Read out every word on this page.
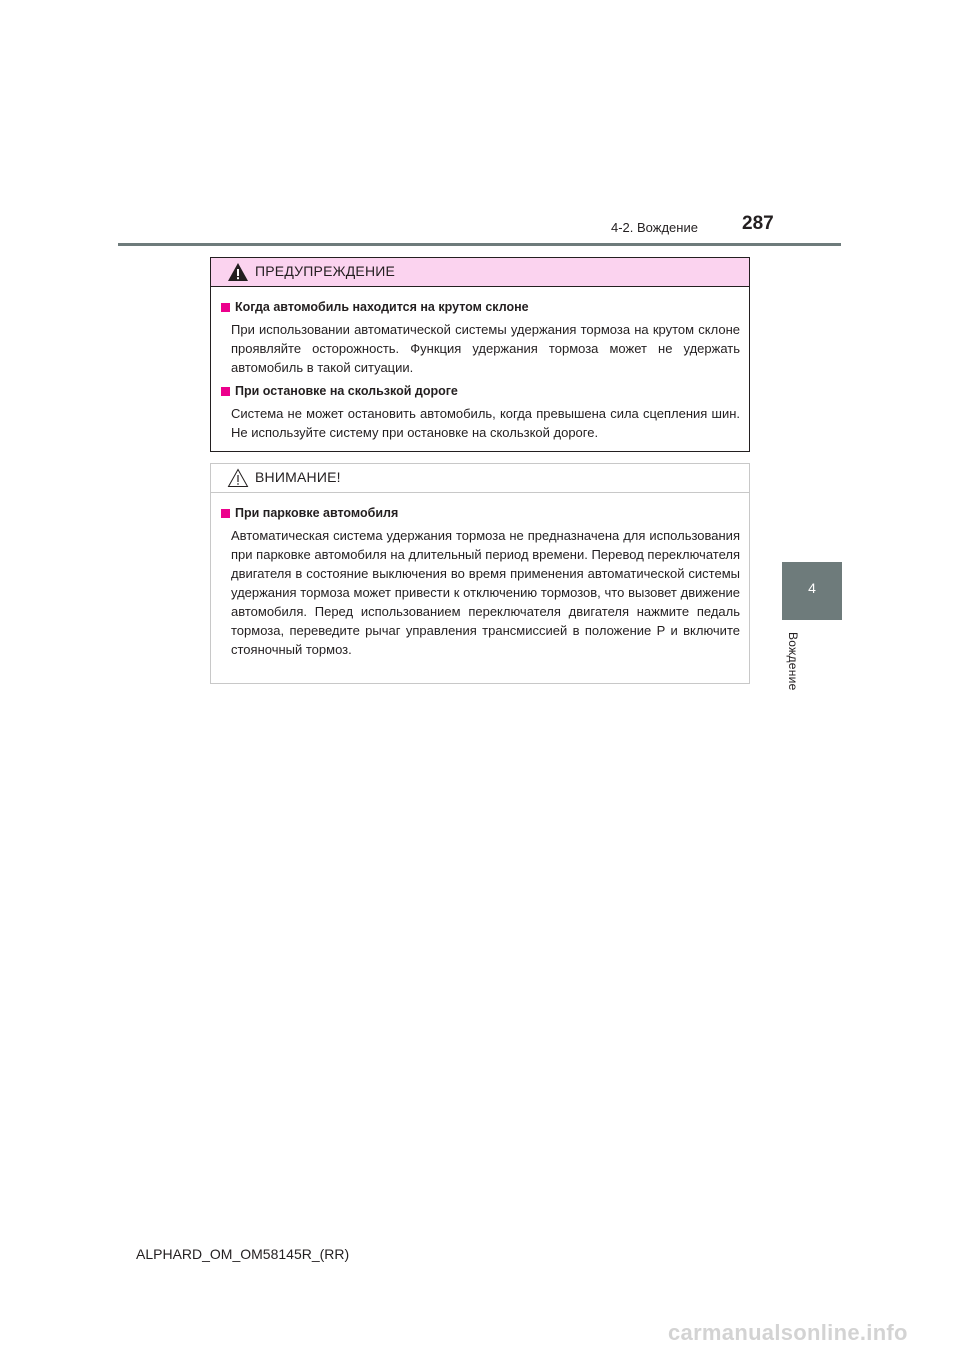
4-2. Вождение 287
4
Вождение
ПРЕДУПРЕЖДЕНИЕ
Когда автомобиль находится на крутом склоне
При использовании автоматической системы удержания тормоза на крутом склоне проявляйте осторожность. Функция удержания тормоза может не удержать автомобиль в такой ситуации.
При остановке на скользкой дороге
Система не может остановить автомобиль, когда превышена сила сцепления шин. Не используйте систему при остановке на скользкой дороге.
ВНИМАНИЕ!
При парковке автомобиля
Автоматическая система удержания тормоза не предназначена для использования при парковке автомобиля на длительный период времени. Перевод переключателя двигателя в состояние выключения во время применения автоматической системы удержания тормоза может привести к отключению тормозов, что вызовет движение автомобиля. Перед использованием переключателя двигателя нажмите педаль тормоза, переведите рычаг управления трансмиссией в положение P и включите стояночный тормоз.
ALPHARD_OM_OM58145R_(RR)
carmanualsonline.info
